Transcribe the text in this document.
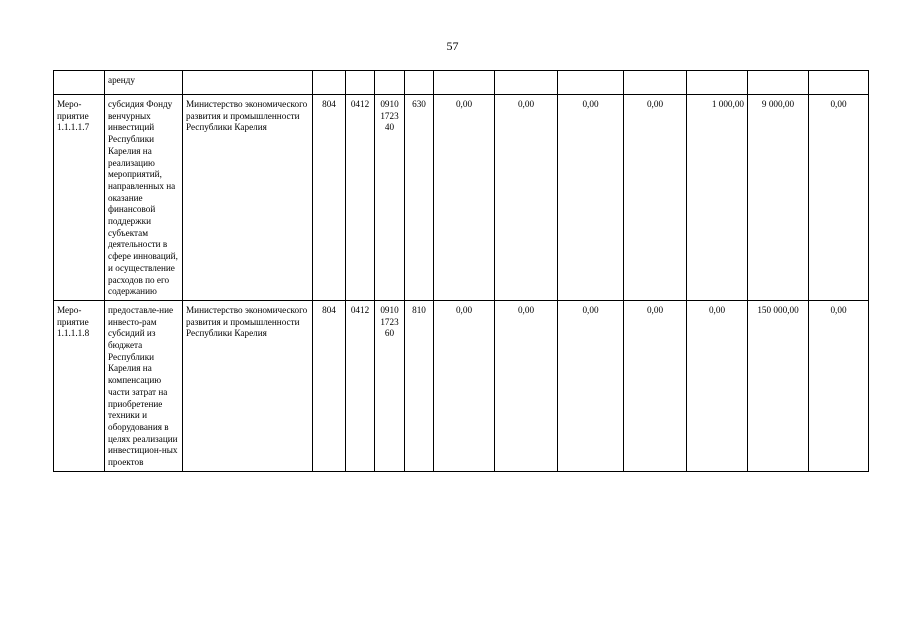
57
	аренду												
Меро-приятие 1.1.1.1.7	субсидия Фонду венчурных инвестиций Республики Карелия на реализацию мероприятий, направленных на оказание финансовой поддержки субъектам деятельности в сфере инноваций, и осуществление расходов по его содержанию	Министерство экономического развития и промышленности Республики Карелия	804	0412	0910 1723 40	630	0,00	0,00	0,00	0,00	1 000,00	9 000,00	0,00
Меро-приятие 1.1.1.1.8	предоставле-ние инвесто-рам субсидий из бюджета Республики Карелия на компенсацию части затрат на приобретение техники и оборудования в целях реализации инвестицион-ных проектов	Министерство экономического развития и промышленности Республики Карелия	804	0412	0910 1723 60	810	0,00	0,00	0,00	0,00	0,00	150 000,00	0,00
